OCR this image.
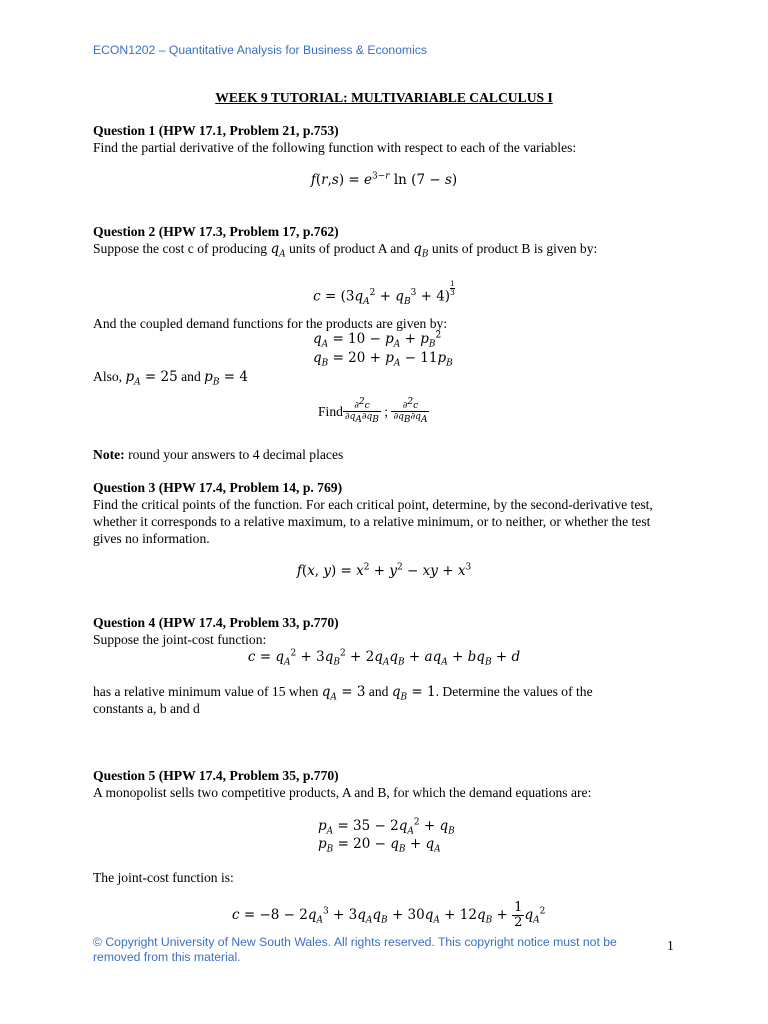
ECON1202 – Quantitative Analysis for Business & Economics
WEEK 9 TUTORIAL: MULTIVARIABLE CALCULUS I
Question 1 (HPW 17.1, Problem 21, p.753)
Find the partial derivative of the following function with respect to each of the variables:
$f(r,s) = e^{3-r}$ ln (7 − s)
Question 2 (HPW 17.3, Problem 17, p.762)
Suppose the cost c of producing $q_A$ units of product A and $q_B$ units of product B is given by:
$c = (3q_A^2 + q_B^3 + 4) \frac{1}{3}$
And the coupled demand functions for the products are given by:
$q_A = 10 - p_A + p_B^2$
$q_B = 20 + p_A - 11p_B$
Also, $p_A = 25$ and $p_B = 4$
Find $\frac{\partial^2c}{\partial q_A\partial q_B}$ ; $\frac{\partial^2c}{\partial q_B\partial q_A}$
Note: round your answers to 4 decimal places
Question 3 (HPW 17.4, Problem 14, p. 769)
Find the critical points of the function. For each critical point, determine, by the second-derivative test, whether it corresponds to a relative maximum, to a relative minimum, or to neither, or whether the test gives no information.
f(x, $y) = x^2 + y^2$ − xy + $x^3$
Question 4 (HPW 17.4, Problem 33, p.770)
Suppose the joint-cost function:
$c = q_A^2 + 3q_B^2 + 2q_Aq_B + aq_A + bq_B + d$
has a relative minimum value of 15 when $q_A = 3$ and $q_B = 1$. Determine the values of the
constants a, b and d
Question 5 (HPW 17.4, Problem 35, p.770)
A monopolist sells two competitive products, A and B, for which the demand equations are:
$p_A = 35 - 2q_A^2 + q_B$
$p_B = 20 - q_B + q_A$
The joint-cost function is:
$c = -8 - 2q_A^3 + 3q_Aq_B + 30q_A + 12q_B + \frac{1}{2} q_A^2$
© Copyright University of New South Wales. All rights reserved. This copyright notice must not be removed from this material.
1
